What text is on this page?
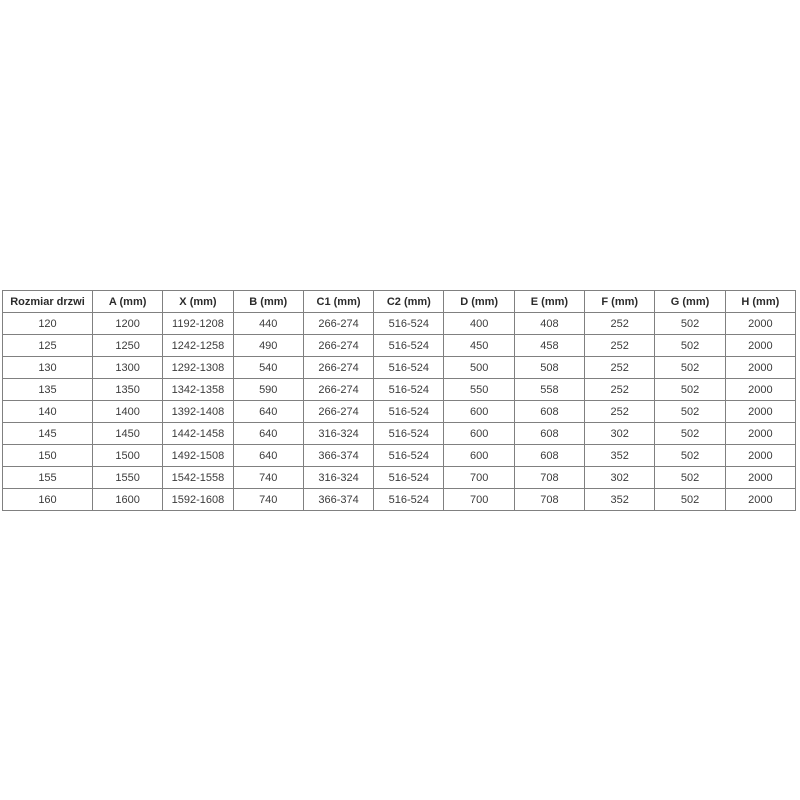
Rozmiar drzwi	A (mm)	X (mm)	B (mm)	C1 (mm)	C2 (mm)	D (mm)	E (mm)	F (mm)	G (mm)	H (mm)
120	1200	1192-1208	440	266-274	516-524	400	408	252	502	2000
125	1250	1242-1258	490	266-274	516-524	450	458	252	502	2000
130	1300	1292-1308	540	266-274	516-524	500	508	252	502	2000
135	1350	1342-1358	590	266-274	516-524	550	558	252	502	2000
140	1400	1392-1408	640	266-274	516-524	600	608	252	502	2000
145	1450	1442-1458	640	316-324	516-524	600	608	302	502	2000
150	1500	1492-1508	640	366-374	516-524	600	608	352	502	2000
155	1550	1542-1558	740	316-324	516-524	700	708	302	502	2000
160	1600	1592-1608	740	366-374	516-524	700	708	352	502	2000
